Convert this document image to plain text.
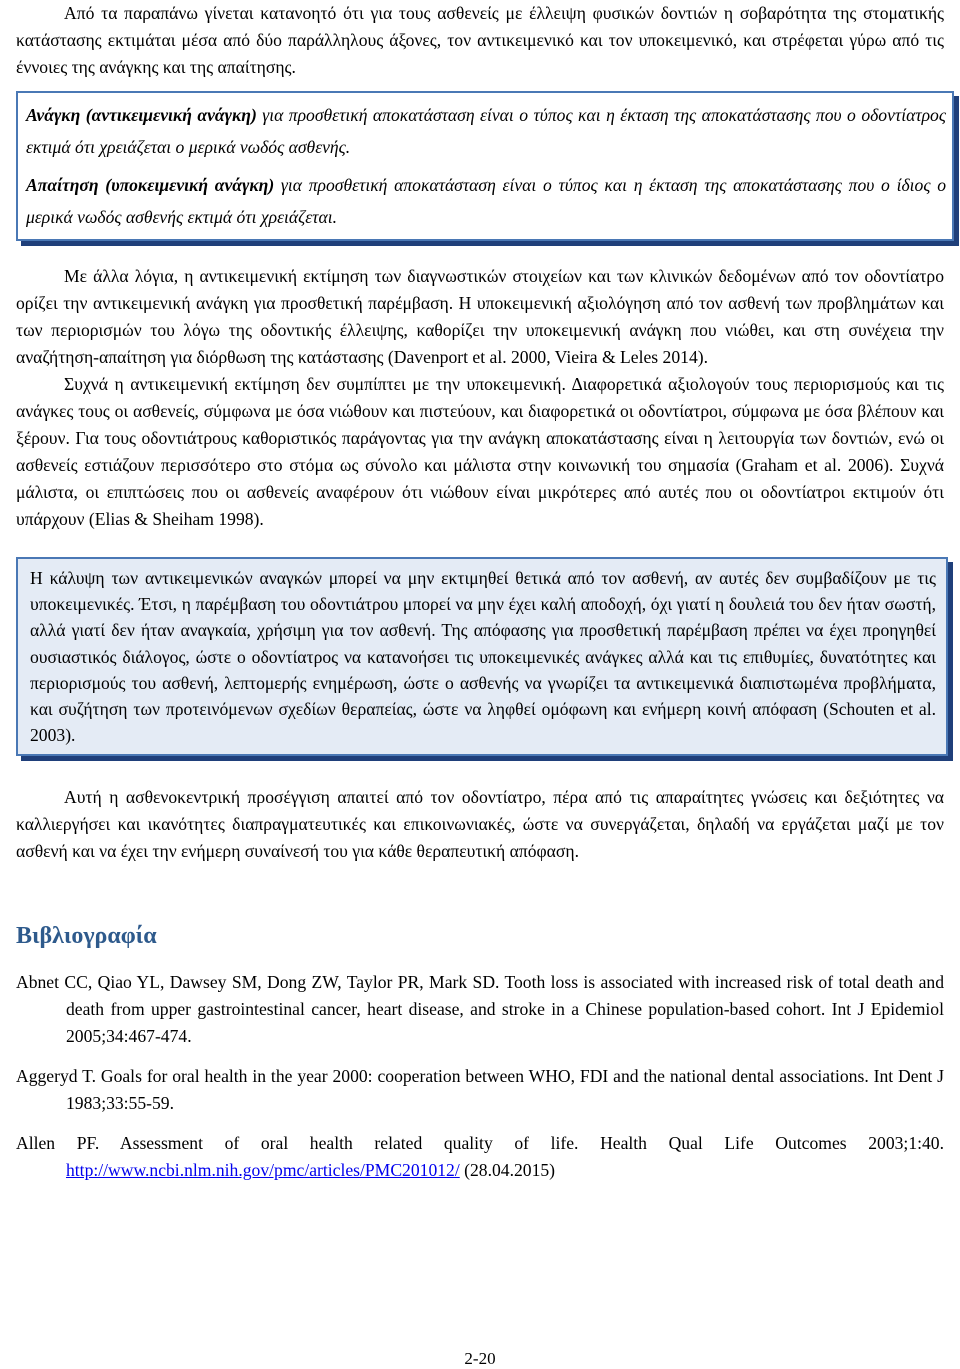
Από τα παραπάνω γίνεται κατανοητό ότι για τους ασθενείς με έλλειψη φυσικών δοντιών η σοβαρότητα της στοματικής κατάστασης εκτιμάται μέσα από δύο παράλληλους άξονες, τον αντικειμενικό και τον υποκειμενικό, και στρέφεται γύρω από τις έννοιες της ανάγκης και της απαίτησης.

Ανάγκη (αντικειμενική ανάγκη) για προσθετική αποκατάσταση είναι ο τύπος και η έκταση της αποκατάστασης που ο οδοντίατρος εκτιμά ότι χρειάζεται ο μερικά νωδός ασθενής.

Απαίτηση (υποκειμενική ανάγκη) για προσθετική αποκατάσταση είναι ο τύπος και η έκταση της αποκατάστασης που ο ίδιος ο μερικά νωδός ασθενής εκτιμά ότι χρειάζεται.

Με άλλα λόγια, η αντικειμενική εκτίμηση των διαγνωστικών στοιχείων και των κλινικών δεδομένων από τον οδοντίατρο ορίζει την αντικειμενική ανάγκη για προσθετική παρέμβαση. Η υποκειμενική αξιολόγηση από τον ασθενή των προβλημάτων και των περιορισμών του λόγω της οδοντικής έλλειψης, καθορίζει την υποκειμενική ανάγκη που νιώθει, και στη συνέχεια την αναζήτηση-απαίτηση για διόρθωση της κατάστασης (Davenport et al. 2000, Vieira & Leles 2014).

Συχνά η αντικειμενική εκτίμηση δεν συμπίπτει με την υποκειμενική. Διαφορετικά αξιολογούν τους περιορισμούς και τις ανάγκες τους οι ασθενείς, σύμφωνα με όσα νιώθουν και πιστεύουν, και διαφορετικά οι οδοντίατροι, σύμφωνα με όσα βλέπουν και ξέρουν. Για τους οδοντιάτρους καθοριστικός παράγοντας για την ανάγκη αποκατάστασης είναι η λειτουργία των δοντιών, ενώ οι ασθενείς εστιάζουν περισσότερο στο στόμα ως σύνολο και μάλιστα στην κοινωνική του σημασία (Graham et al. 2006). Συχνά μάλιστα, οι επιπτώσεις που οι ασθενείς αναφέρουν ότι νιώθουν είναι μικρότερες από αυτές που οι οδοντίατροι εκτιμούν ότι υπάρχουν (Elias & Sheiham 1998).

Η κάλυψη των αντικειμενικών αναγκών μπορεί να μην εκτιμηθεί θετικά από τον ασθενή, αν αυτές δεν συμβαδίζουν με τις υποκειμενικές. Έτσι, η παρέμβαση του οδοντιάτρου μπορεί να μην έχει καλή αποδοχή, όχι γιατί η δουλειά του δεν ήταν σωστή, αλλά γιατί δεν ήταν αναγκαία, χρήσιμη για τον ασθενή. Της απόφασης για προσθετική παρέμβαση πρέπει να έχει προηγηθεί ουσιαστικός διάλογος, ώστε ο οδοντίατρος να κατανοήσει τις υποκειμενικές ανάγκες αλλά και τις επιθυμίες, δυνατότητες και περιορισμούς του ασθενή, λεπτομερής ενημέρωση, ώστε ο ασθενής να γνωρίζει τα αντικειμενικά διαπιστωμένα προβλήματα, και συζήτηση των προτεινόμενων σχεδίων θεραπείας, ώστε να ληφθεί ομόφωνη και ενήμερη κοινή απόφαση (Schouten et al. 2003).

Αυτή η ασθενοκεντρική προσέγγιση απαιτεί από τον οδοντίατρο, πέρα από τις απαραίτητες γνώσεις και δεξιότητες να καλλιεργήσει και ικανότητες διαπραγματευτικές και επικοινωνιακές, ώστε να συνεργάζεται, δηλαδή να εργάζεται μαζί με τον ασθενή και να έχει την ενήμερη συναίνεσή του για κάθε θεραπευτική απόφαση.

Βιβλιογραφία

Abnet CC, Qiao YL, Dawsey SM, Dong ZW, Taylor PR, Mark SD. Tooth loss is associated with increased risk of total death and death from upper gastrointestinal cancer, heart disease, and stroke in a Chinese population-based cohort. Int J Epidemiol 2005;34:467-474.

Aggeryd T. Goals for oral health in the year 2000: cooperation between WHO, FDI and the national dental associations. Int Dent J 1983;33:55-59.

Allen PF. Assessment of oral health related quality of life. Health Qual Life Outcomes 2003;1:40. http://www.ncbi.nlm.nih.gov/pmc/articles/PMC201012/ (28.04.2015)

2-20
